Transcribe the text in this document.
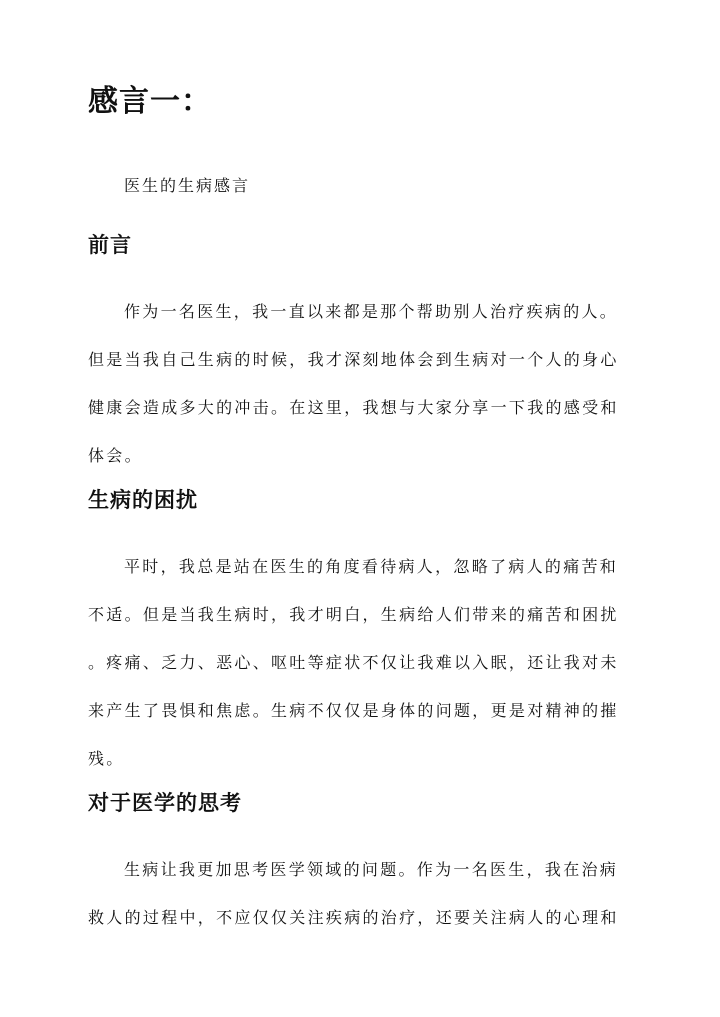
感言一：

医生的生病感言

前言
作为一名医生，我一直以来都是那个帮助别人治疗疾病的人。
但是当我自己生病的时候，我才深刻地体会到生病对一个人的身心
健康会造成多大的冲击。在这里，我想与大家分享一下我的感受和
体会。
生病的困扰
平时，我总是站在医生的角度看待病人，忽略了病人的痛苦和
不适。但是当我生病时，我才明白，生病给人们带来的痛苦和困扰
。疼痛、乏力、恶心、呕吐等症状不仅让我难以入眠，还让我对未
来产生了畏惧和焦虑。生病不仅仅是身体的问题，更是对精神的摧
残。
对于医学的思考
生病让我更加思考医学领域的问题。作为一名医生，我在治病
救人的过程中，不应仅仅关注疾病的治疗，还要关注病人的心理和
